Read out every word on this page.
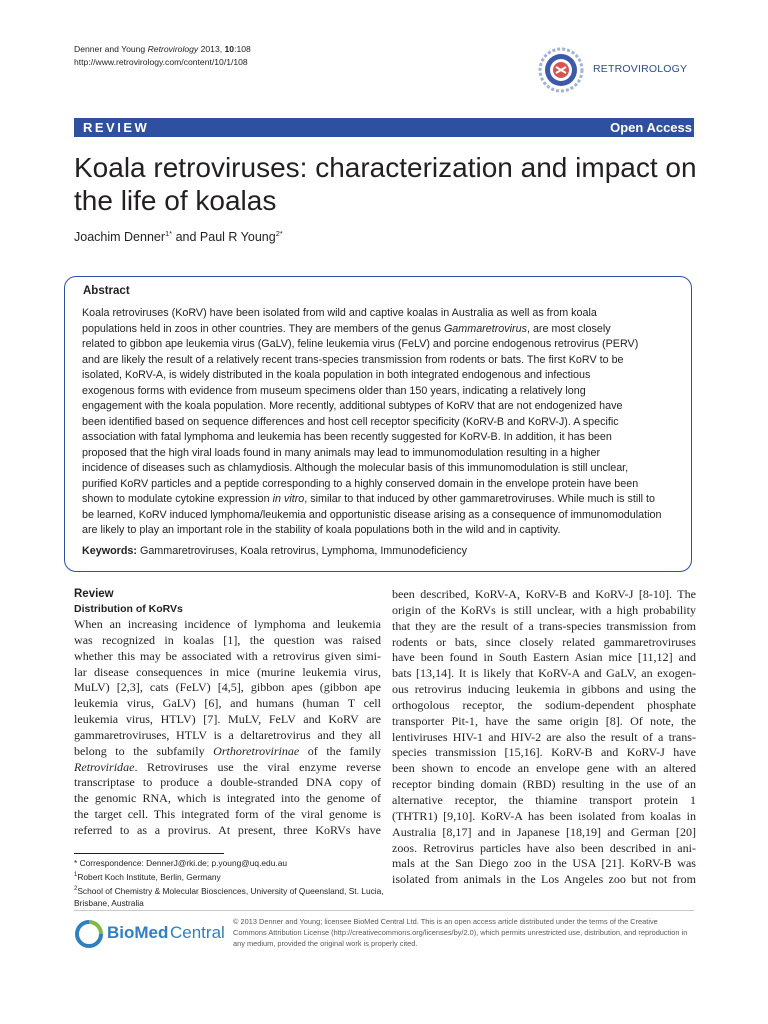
Denner and Young Retrovirology 2013, 10:108
http://www.retrovirology.com/content/10/1/108
RETROVIROLOGY
REVIEW	Open Access
Koala retroviruses: characterization and impact on the life of koalas
Joachim Denner$^{1*}$ and Paul R Young$^{2*}$
Abstract
Koala retroviruses (KoRV) have been isolated from wild and captive koalas in Australia as well as from koala
populations held in zoos in other countries. They are members of the genus Gammaretrovirus, are most closely
related to gibbon ape leukemia virus (GaLV), feline leukemia virus (FeLV) and porcine endogenous retrovirus (PERV)
and are likely the result of a relatively recent trans-species transmission from rodents or bats. The first KoRV to be
isolated, KoRV-A, is widely distributed in the koala population in both integrated endogenous and infectious
exogenous forms with evidence from museum specimens older than 150 years, indicating a relatively long
engagement with the koala population. More recently, additional subtypes of KoRV that are not endogenized have
been identified based on sequence differences and host cell receptor specificity (KoRV-B and KoRV-J). A specific
association with fatal lymphoma and leukemia has been recently suggested for KoRV-B. In addition, it has been
proposed that the high viral loads found in many animals may lead to immunomodulation resulting in a higher
incidence of diseases such as chlamydiosis. Although the molecular basis of this immunomodulation is still unclear,
purified KoRV particles and a peptide corresponding to a highly conserved domain in the envelope protein have been
shown to modulate cytokine expression in vitro, similar to that induced by other gammaretroviruses. While much is still to
be learned, KoRV induced lymphoma/leukemia and opportunistic disease arising as a consequence of immunomodulation
are likely to play an important role in the stability of koala populations both in the wild and in captivity.
Keywords: Gammaretroviruses, Koala retrovirus, Lymphoma, Immunodeficiency
Review
Distribution of KoRVs
When an increasing incidence of lymphoma and leukemia
was recognized in koalas [1], the question was raised
whether this may be associated with a retrovirus given simi-
lar disease consequences in mice (murine leukemia virus,
MuLV) [2,3], cats (FeLV) [4,5], gibbon apes (gibbon ape
leukemia virus, GaLV) [6], and humans (human T cell
leukemia virus, HTLV) [7]. MuLV, FeLV and KoRV are
gammaretroviruses, HTLV is a deltaretrovirus and they all
belong to the subfamily Orthoretrovirinae of the family
Retroviridae. Retroviruses use the viral enzyme reverse
transcriptase to produce a double-stranded DNA copy of
the genomic RNA, which is integrated into the genome of
the target cell. This integrated form of the viral genome is
referred to as a provirus. At present, three KoRVs have
been described, KoRV-A, KoRV-B and KoRV-J [8-10]. The
origin of the KoRVs is still unclear, with a high probability
that they are the result of a trans-species transmission from
rodents or bats, since closely related gammaretroviruses
have been found in South Eastern Asian mice [11,12] and
bats [13,14]. It is likely that KoRV-A and GaLV, an exogen-
ous retrovirus inducing leukemia in gibbons and using the
orthogolous receptor, the sodium-dependent phosphate
transporter Pit-1, have the same origin [8]. Of note, the
lentiviruses HIV-1 and HIV-2 are also the result of a trans-
species transmission [15,16]. KoRV-B and KoRV-J have
been shown to encode an envelope gene with an altered
receptor binding domain (RBD) resulting in the use of an
alternative receptor, the thiamine transport protein 1
(THTR1) [9,10]. KoRV-A has been isolated from koalas in
Australia [8,17] and in Japanese [18,19] and German [20]
zoos. Retrovirus particles have also been described in ani-
mals at the San Diego zoo in the USA [21]. KoRV-B was
isolated from animals in the Los Angeles zoo but not from
* Correspondence: DennerJ@rki.de; p.young@uq.edu.au
$^1$Robert Koch Institute, Berlin, Germany
$^2$School of Chemistry & Molecular Biosciences, University of Queensland, St. Lucia, Brisbane, Australia
BioMed Central
© 2013 Denner and Young; licensee BioMed Central Ltd. This is an open access article distributed under the terms of the Creative Commons Attribution License (http://creativecommons.org/licenses/by/2.0), which permits unrestricted use, distribution, and reproduction in any medium, provided the original work is properly cited.
